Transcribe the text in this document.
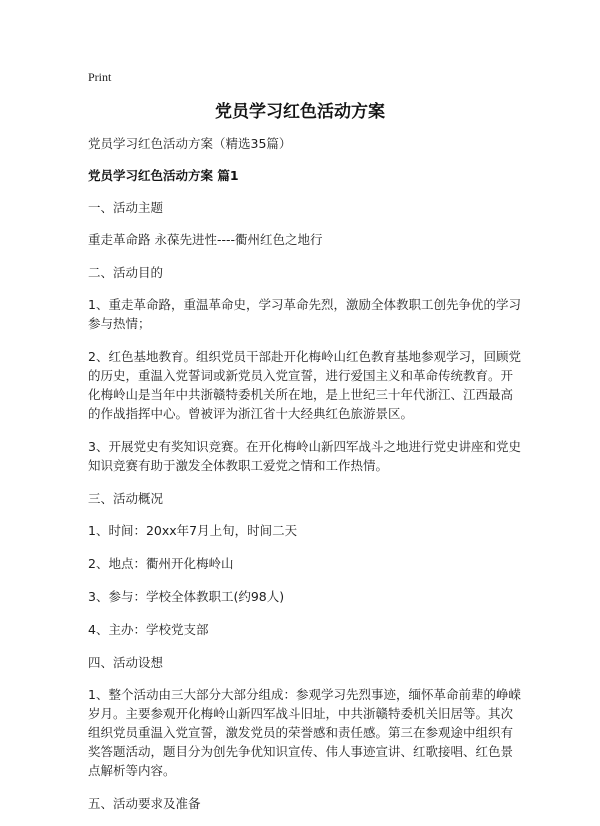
Print
党员学习红色活动方案

党员学习红色活动方案（精选35篇）

党员学习红色活动方案 篇1

一、活动主题

重走革命路 永葆先进性----衢州红色之地行

二、活动目的

1、重走革命路，重温革命史，学习革命先烈，激励全体教职工创先争优的学习参与热情；

2、红色基地教育。组织党员干部赴开化梅岭山红色教育基地参观学习，回顾党的历史，重温入党誓词或新党员入党宣誓，进行爱国主义和革命传统教育。开化梅岭山是当年中共浙赣特委机关所在地，是上世纪三十年代浙江、江西最高的作战指挥中心。曾被评为浙江省十大经典红色旅游景区。

3、开展党史有奖知识竞赛。在开化梅岭山新四军战斗之地进行党史讲座和党史知识竞赛有助于激发全体教职工爱党之情和工作热情。

三、活动概况

1、时间：20xx年7月上旬，时间二天

2、地点：衢州开化梅岭山

3、参与：学校全体教职工(约98人)

4、主办：学校党支部

四、活动设想

1、整个活动由三大部分大部分组成：参观学习先烈事迹，缅怀革命前辈的峥嵘岁月。主要参观开化梅岭山新四军战斗旧址，中共浙赣特委机关旧居等。其次组织党员重温入党宣誓，激发党员的荣誉感和责任感。第三在参观途中组织有奖答题活动，题目分为创先争优知识宣传、伟人事迹宣讲、红歌接唱、红色景点解析等内容。

五、活动要求及准备
